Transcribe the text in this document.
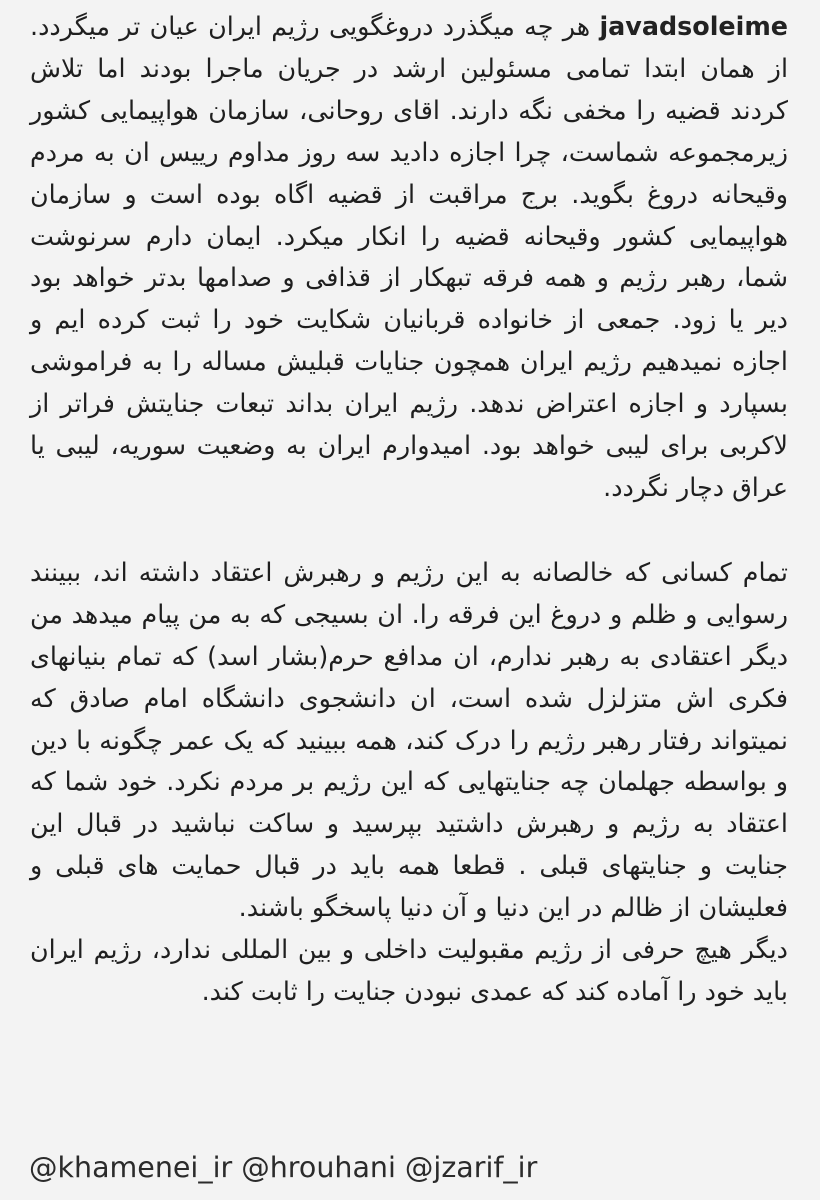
javadsoleime هر چه میگذرد دروغگویی رژیم ایران عیان تر میگردد. از همان ابتدا تمامی مسئولین ارشد در جریان ماجرا بودند اما تلاش کردند قضیه را مخفی نگه دارند. اقای روحانی، سازمان هواپیمایی کشور زیرمجموعه شماست، چرا اجازه دادید سه روز مداوم رییس ان به مردم وقیحانه دروغ بگوید. برج مراقبت از قضیه اگاه بوده است و سازمان هواپیمایی کشور وقیحانه قضیه را انکار میکرد. ایمان دارم سرنوشت شما، رهبر رژیم و همه فرقه تبهکار از قذافی و صدامها بدتر خواهد بود دیر یا زود. جمعی از خانواده قربانیان شکایت خود را ثبت کرده ایم و اجازه نمیدهیم رژیم ایران همچون جنایات قبلیش مساله را به فراموشی بسپارد و اجازه اعتراض ندهد. رژیم ایران بداند تبعات جنایتش فراتر از لاکربی برای لیبی خواهد بود. امیدوارم ایران به وضعیت سوریه، لیبی یا عراق دچار نگردد.

تمام کسانی که خالصانه به این رژیم و رهبرش اعتقاد داشته اند، ببینند رسوایی و ظلم و دروغ این فرقه را. ان بسیجی که به من پیام میدهد من دیگر اعتقادی به رهبر ندارم، ان مدافع حرم(بشار اسد) که تمام بنیانهای فکری اش متزلزل شده است، ان دانشجوی دانشگاه امام صادق که نمیتواند رفتار رهبر رژیم را درک کند، همه ببینید که یک عمر چگونه با دین و بواسطه جهلمان چه جنایتهایی که این رژیم بر مردم نکرد. خود شما که اعتقاد به رژیم و رهبرش داشتید بپرسید و ساکت نباشید در قبال این جنایت و جنایتهای قبلی . قطعا همه باید در قبال حمایت های قبلی و فعلیشان از ظالم در این دنیا و آن دنیا پاسخگو باشند.

دیگر هیچ حرفی از رژیم مقبولیت داخلی و بین المللی ندارد، رژیم ایران باید خود را آماده کند که عمدی نبودن جنایت را ثابت کند.

@khamenei_ir @hrouhani @jzarif_ir
